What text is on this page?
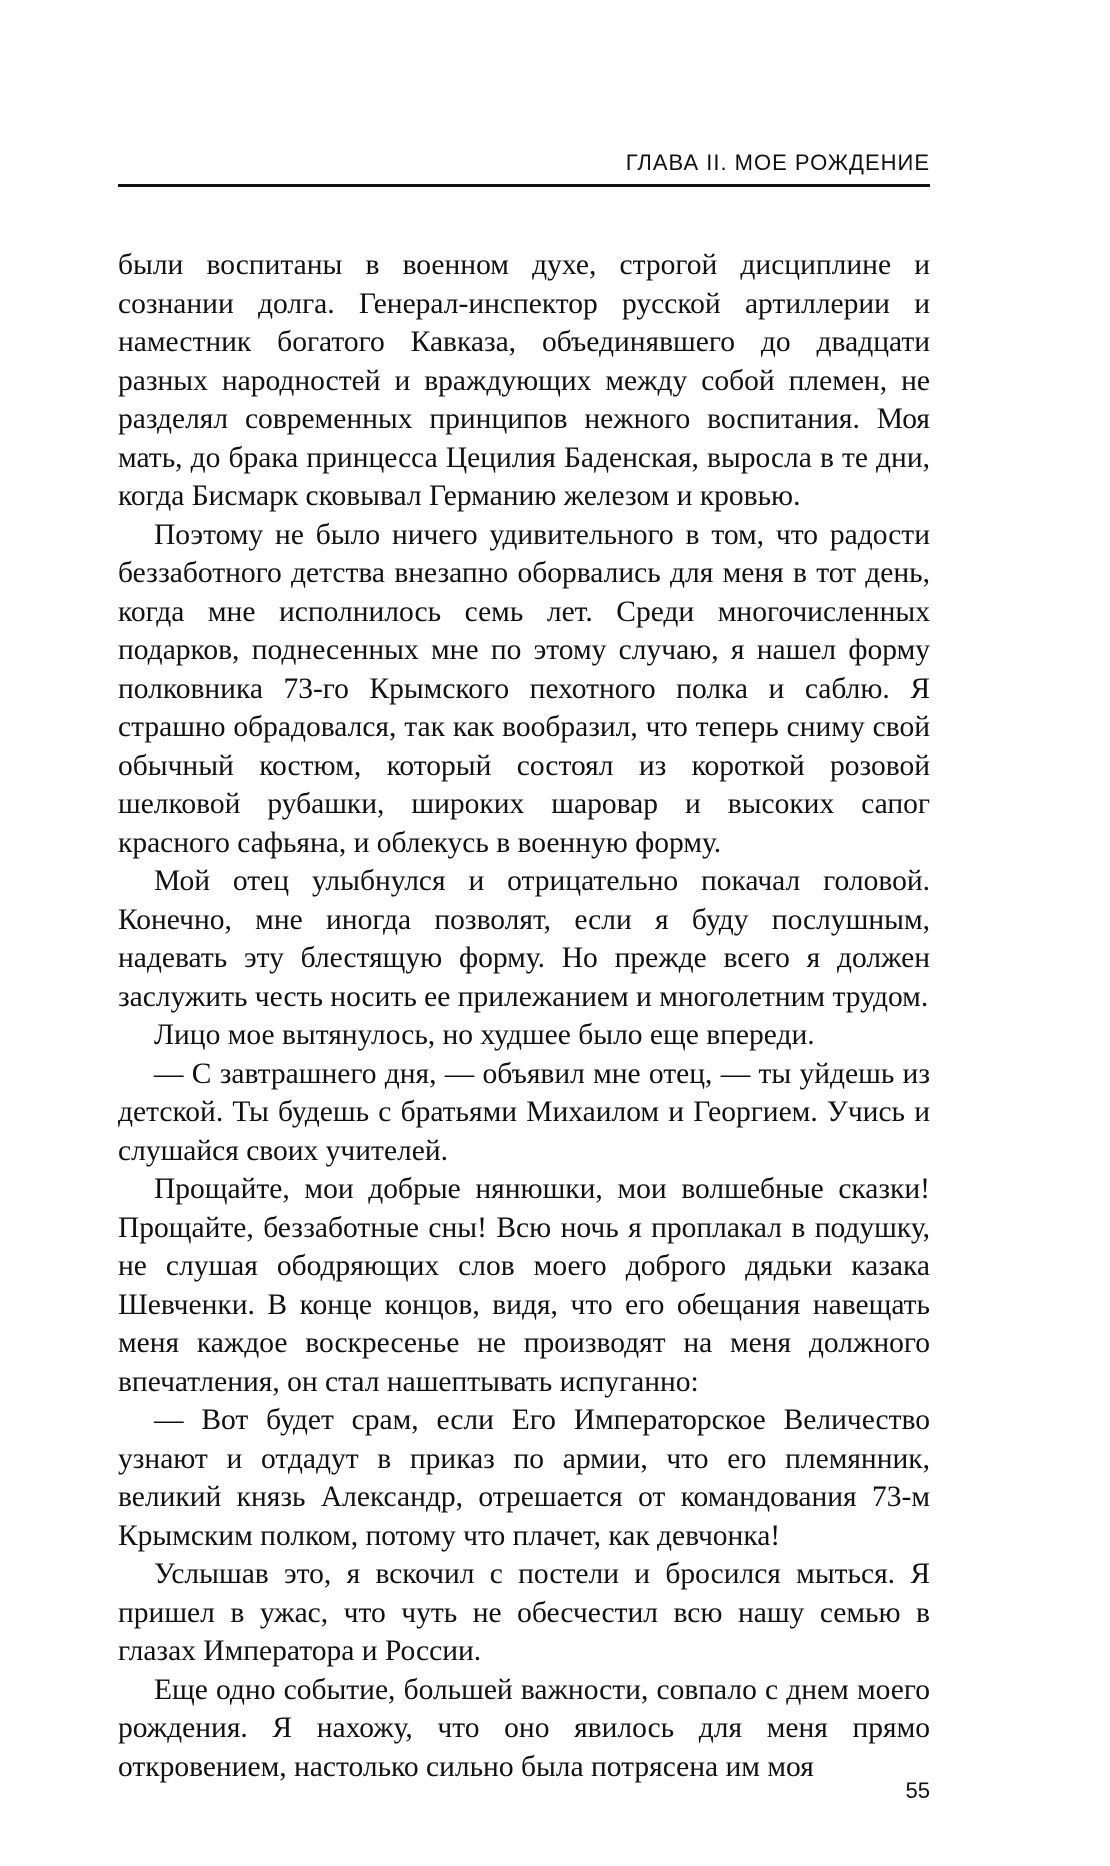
ГЛАВА II. МОЕ РОЖДЕНИЕ

были воспитаны в военном духе, строгой дисциплине и сознании долга. Генерал-инспектор русской артиллерии и наместник богатого Кавказа, объединявшего до двадцати разных народностей и враждующих между собой племен, не разделял современных принципов нежного воспитания. Моя мать, до брака принцесса Цецилия Баденская, выросла в те дни, когда Бисмарк сковывал Германию железом и кровью.

Поэтому не было ничего удивительного в том, что радости беззаботного детства внезапно оборвались для меня в тот день, когда мне исполнилось семь лет. Среди многочисленных подарков, поднесенных мне по этому случаю, я нашел форму полковника 73-го Крымского пехотного полка и саблю. Я страшно обрадовался, так как вообразил, что теперь сниму свой обычный костюм, который состоял из короткой розовой шелковой рубашки, широких шаровар и высоких сапог красного сафьяна, и облекусь в военную форму.

Мой отец улыбнулся и отрицательно покачал головой. Конечно, мне иногда позволят, если я буду послушным, надевать эту блестящую форму. Но прежде всего я должен заслужить честь носить ее прилежанием и многолетним трудом.

Лицо мое вытянулось, но худшее было еще впереди.

— С завтрашнего дня, — объявил мне отец, — ты уйдешь из детской. Ты будешь с братьями Михаилом и Георгием. Учись и слушайся своих учителей.

Прощайте, мои добрые нянюшки, мои волшебные сказки! Прощайте, беззаботные сны! Всю ночь я проплакал в подушку, не слушая ободряющих слов моего доброго дядьки казака Шевченки. В конце концов, видя, что его обещания навещать меня каждое воскресенье не производят на меня должного впечатления, он стал нашептывать испуганно:

— Вот будет срам, если Его Императорское Величество узнают и отдадут в приказ по армии, что его племянник, великий князь Александр, отрешается от командования 73-м Крымским полком, потому что плачет, как девчонка!

Услышав это, я вскочил с постели и бросился мыться. Я пришел в ужас, что чуть не обесчестил всю нашу семью в глазах Императора и России.

Еще одно событие, большей важности, совпало с днем моего рождения. Я нахожу, что оно явилось для меня прямо откровением, настолько сильно была потрясена им моя

55
